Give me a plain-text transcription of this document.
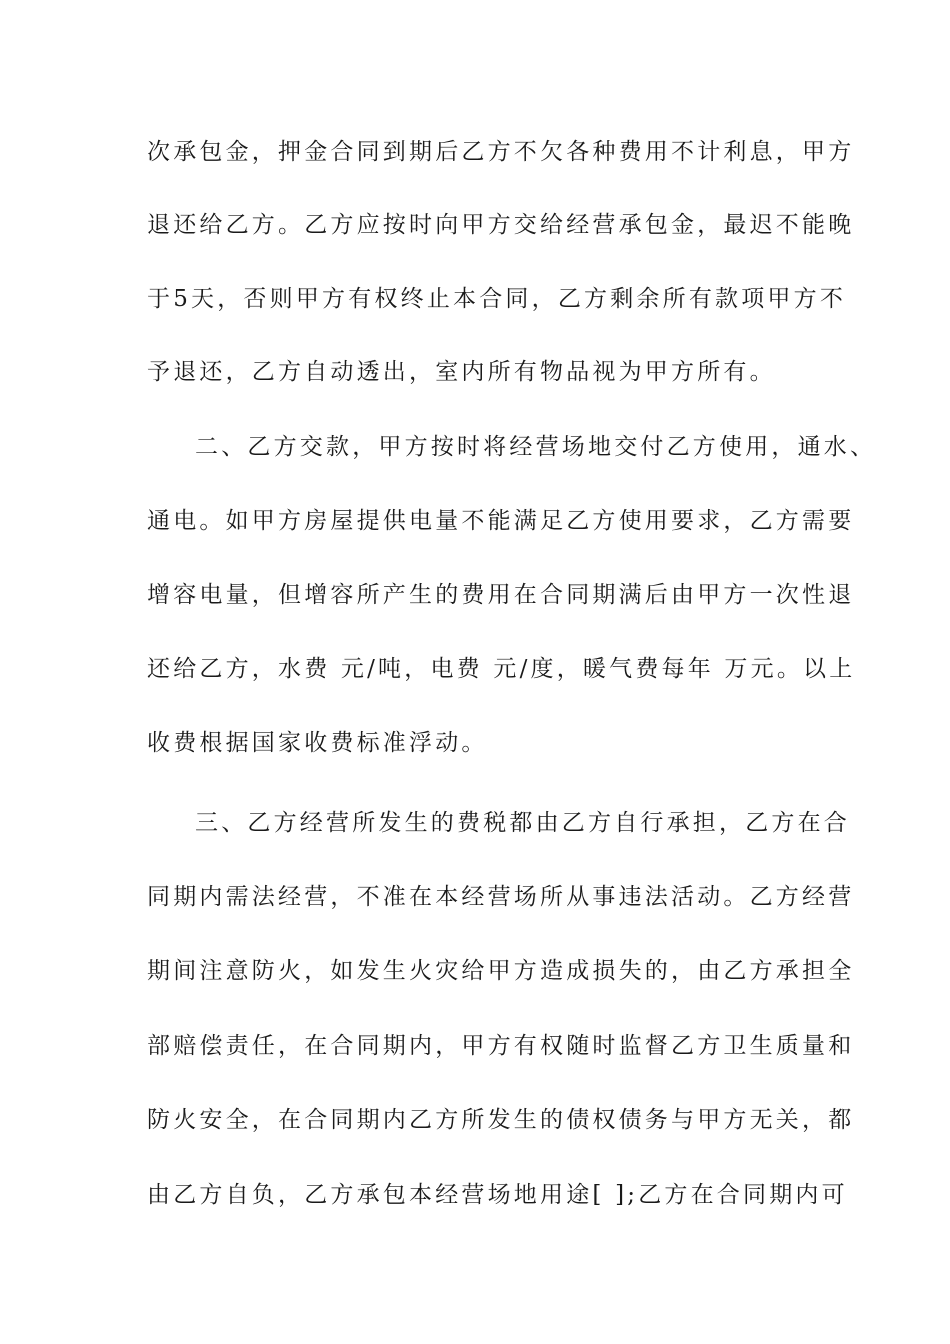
次承包金，押金合同到期后乙方不欠各种费用不计利息，甲方
退还给乙方。乙方应按时向甲方交给经营承包金，最迟不能晚
于5天，否则甲方有权终止本合同，乙方剩余所有款项甲方不
予退还，乙方自动透出，室内所有物品视为甲方所有。
二、乙方交款，甲方按时将经营场地交付乙方使用，通水、
通电。如甲方房屋提供电量不能满足乙方使用要求，乙方需要
增容电量，但增容所产生的费用在合同期满后由甲方一次性退
还给乙方，水费 元/吨，电费 元/度，暖气费每年 万元。以上
收费根据国家收费标准浮动。
三、乙方经营所发生的费税都由乙方自行承担，乙方在合
同期内需法经营，不准在本经营场所从事违法活动。乙方经营
期间注意防火，如发生火灾给甲方造成损失的，由乙方承担全
部赔偿责任，在合同期内，甲方有权随时监督乙方卫生质量和
防火安全，在合同期内乙方所发生的债权债务与甲方无关，都
由乙方自负，乙方承包本经营场地用途[ ];乙方在合同期内可
